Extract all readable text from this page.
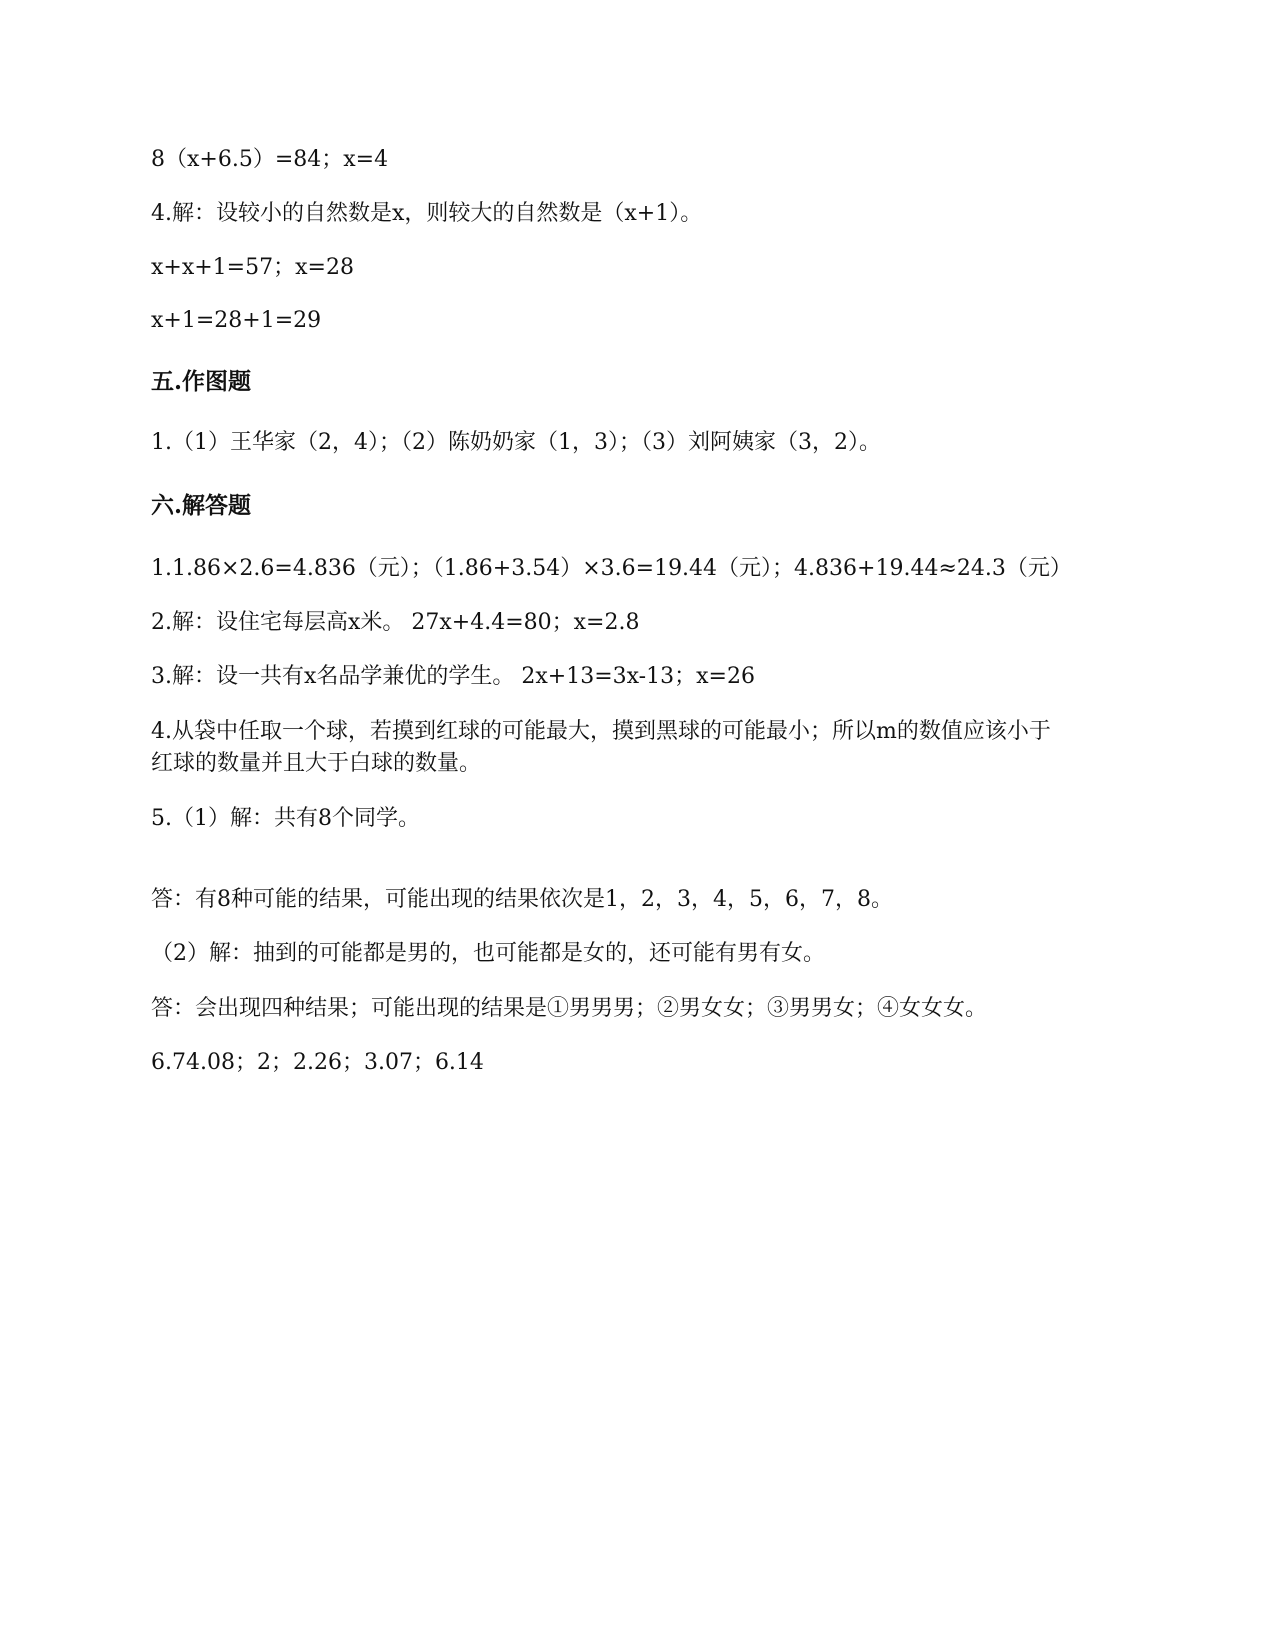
8（x+6.5）=84；x=4
4.解：设较小的自然数是x，则较大的自然数是（x+1）。
x+x+1=57；x=28
x+1=28+1=29
五.作图题
1.（1）王华家（2，4）；（2）陈奶奶家（1，3）；（3）刘阿姨家（3，2）。
六.解答题
1.1.86×2.6=4.836（元）；（1.86+3.54）×3.6=19.44（元）；4.836+19.44≈24.3（元）
2.解：设住宅每层高x米。 27x+4.4=80；x=2.8
3.解：设一共有x名品学兼优的学生。 2x+13=3x-13；x=26
4.从袋中任取一个球，若摸到红球的可能最大，摸到黑球的可能最小；所以m的数值应该小于红球的数量并且大于白球的数量。
5.（1）解：共有8个同学。
答：有8种可能的结果，可能出现的结果依次是1，2，3，4，5，6，7，8。
（2）解：抽到的可能都是男的，也可能都是女的，还可能有男有女。
答：会出现四种结果；可能出现的结果是①男男男；②男女女；③男男女；④女女女。
6.74.08；2；2.26；3.07；6.14
